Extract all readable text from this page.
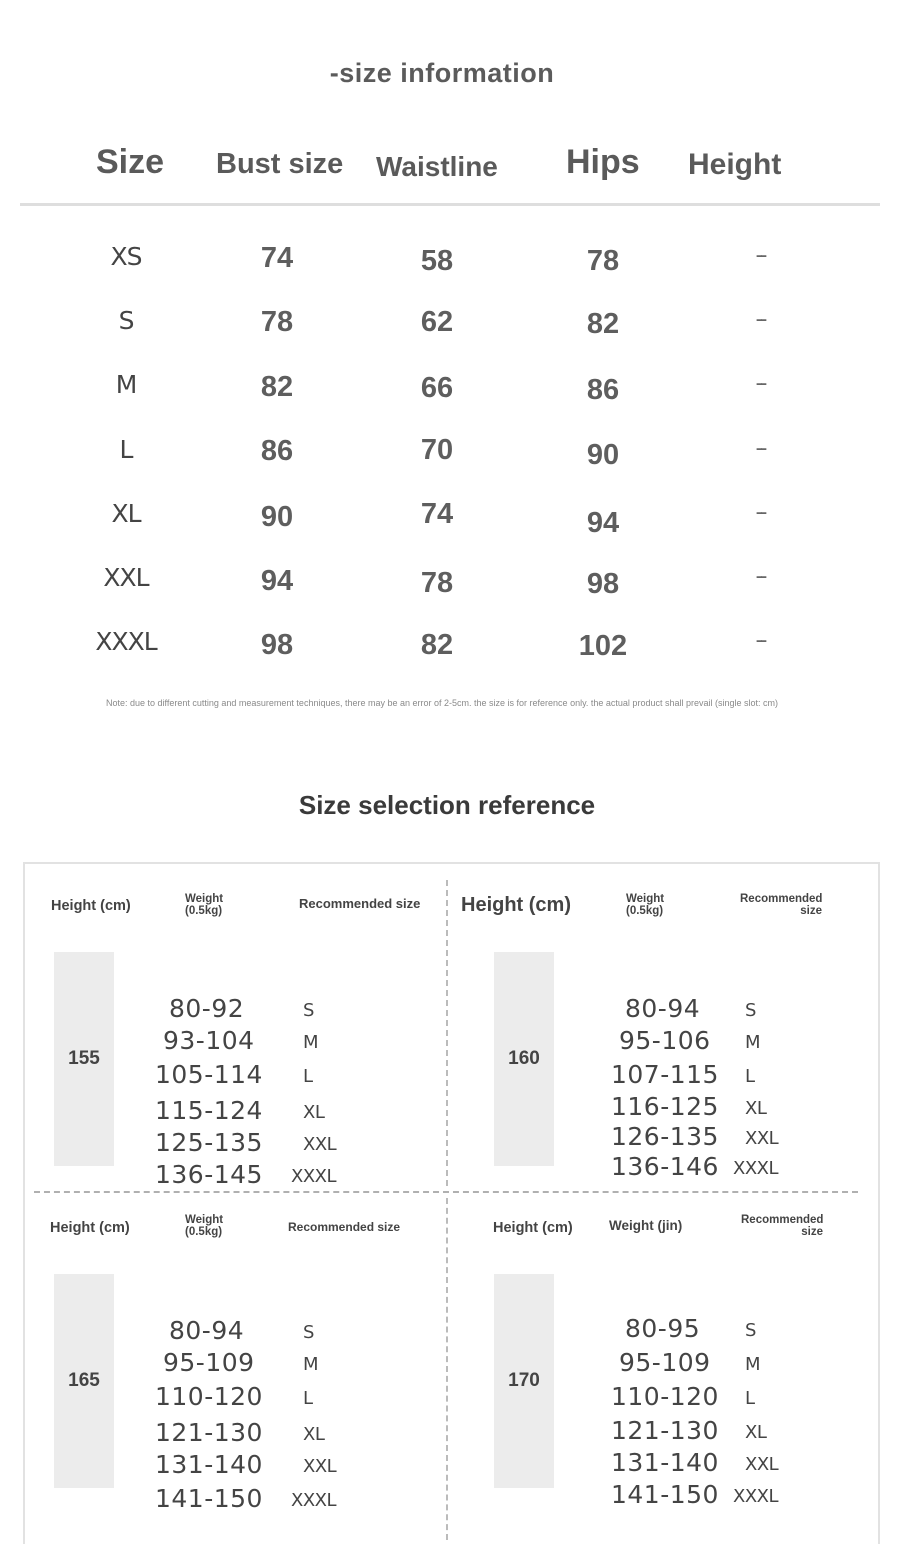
-size information
Size Bust size Waistline Hips Height
XS	74	58	78	--
S	78	62	82	--
M	82	66	86	--
L	86	70	90	--
XL	90	74	94	--
XXL	94	78	98	--
XXXL	98	82	102	--
Note: due to different cutting and measurement techniques, there may be an error of 2-5cm. the size is for reference only. the actual product shall prevail (single slot: cm)
Size selection reference
Height (cm)	Weight
(0.5kg)	Recommended size
155
80-92	S
93-104	M
105-114 L
115-124 XL
125-135 XXL
136-145 XXXL
Height (cm)	Weight
(0.5kg)
Recommended
size
160
80-94 S
95-106 M
107-115 L
116-125 XL
126-135 XXL
136-146 XXXL
Height (cm)	Weight
(0.5kg)	Recommended size
165
80-94	S
95-109	M
110-120 L
121-130 XL
131-140 XXL
141-150 XXXL
Height (cm)	Weight (jin)	Recommended
size
170
80-95 S
95-109 M
110-120 L
121-130 XL
131-140 XXL
141-150 XXXL
